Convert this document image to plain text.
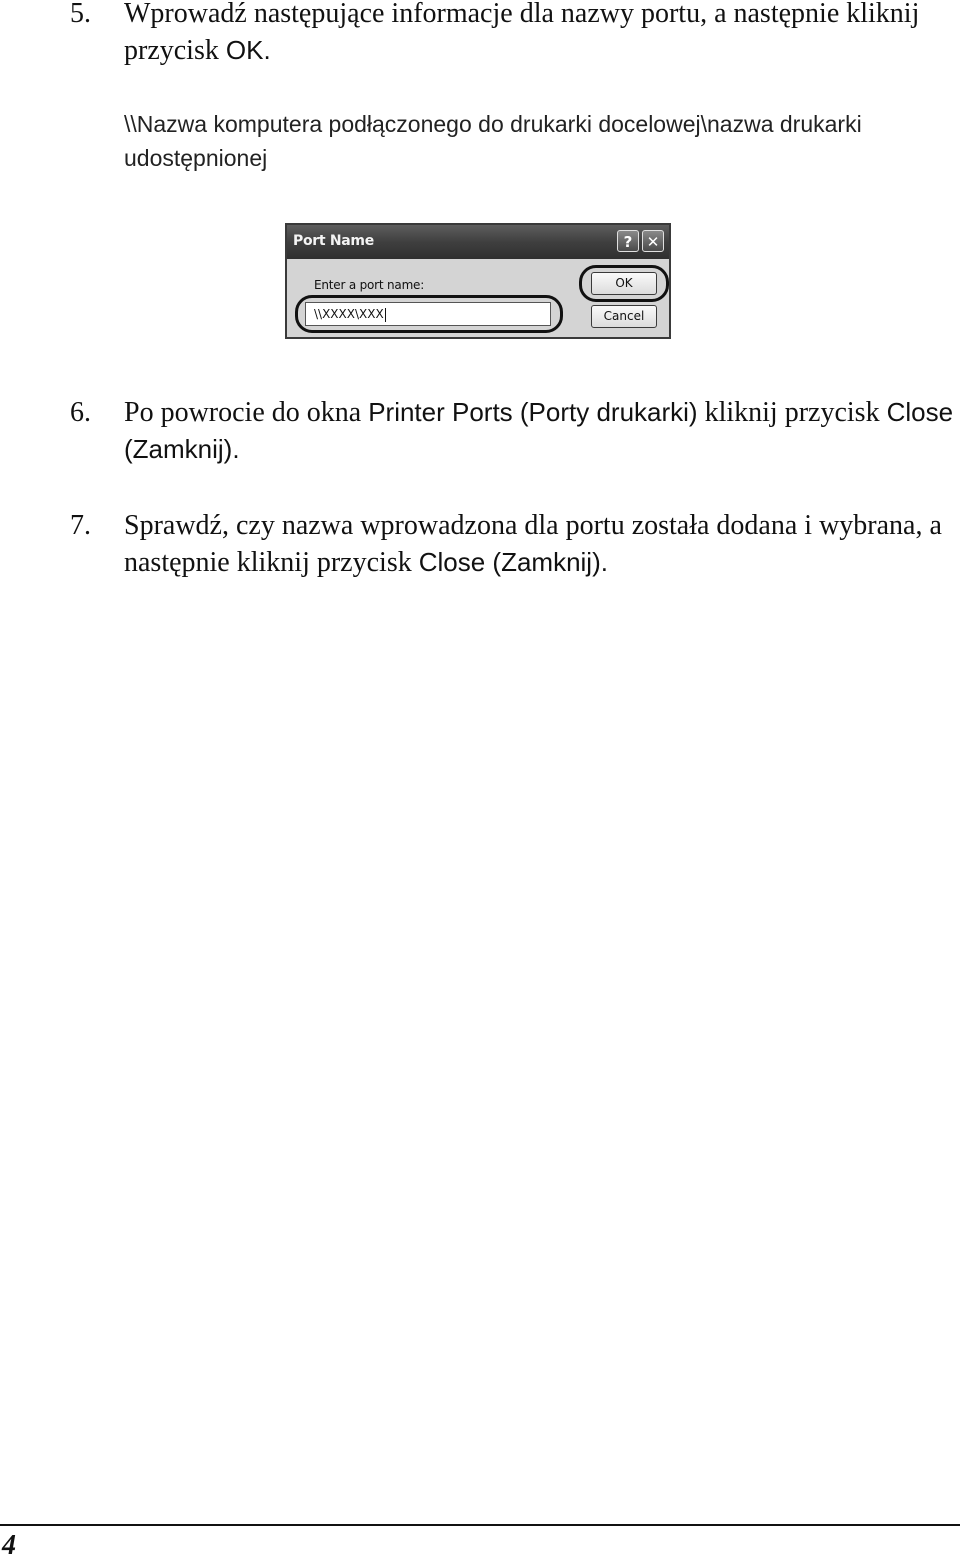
5.	Wprowadź następujące informacje dla nazwy portu, a następnie kliknij przycisk OK.
\\Nazwa komputera podłączonego do drukarki docelowej\nazwa drukarki udostępnionej
Port Name	? ✕
Enter a port name:
\\XXXX\XXX
OK
Cancel
6.	Po powrocie do okna Printer Ports (Porty drukarki) kliknij przycisk Close (Zamknij).
7.	Sprawdź, czy nazwa wprowadzona dla portu została dodana i wybrana, a następnie kliknij przycisk Close (Zamknij).
4
